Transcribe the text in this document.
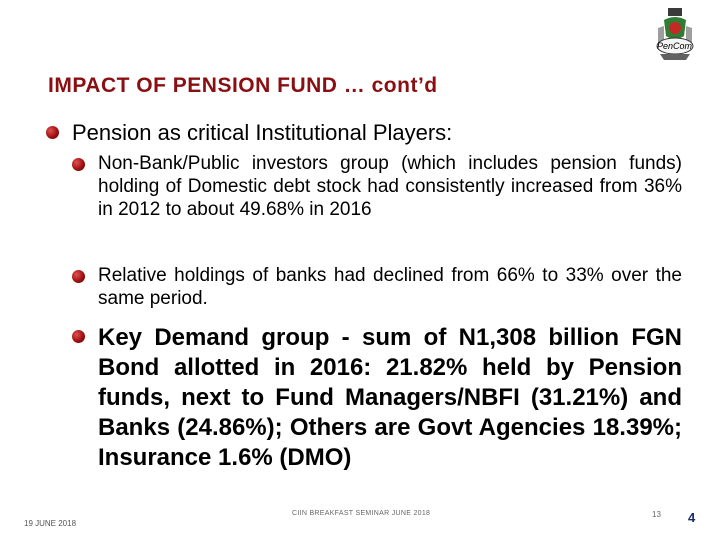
PenCom
IMPACT OF PENSION FUND … cont’d
Pension as critical Institutional Players:
Non-Bank/Public investors group (which includes pension funds) holding of Domestic debt stock had consistently increased from 36% in 2012 to about 49.68% in 2016
Relative holdings of banks had declined from 66% to 33% over the same period.
Key Demand group - sum of N1,308 billion FGN Bond allotted in 2016: 21.82% held by Pension funds, next to Fund Managers/NBFI (31.21%) and Banks (24.86%); Others are Govt Agencies 18.39%; Insurance 1.6% (DMO)
19 JUNE 2018
CIIN BREAKFAST SEMINAR JUNE 2018	13 4
